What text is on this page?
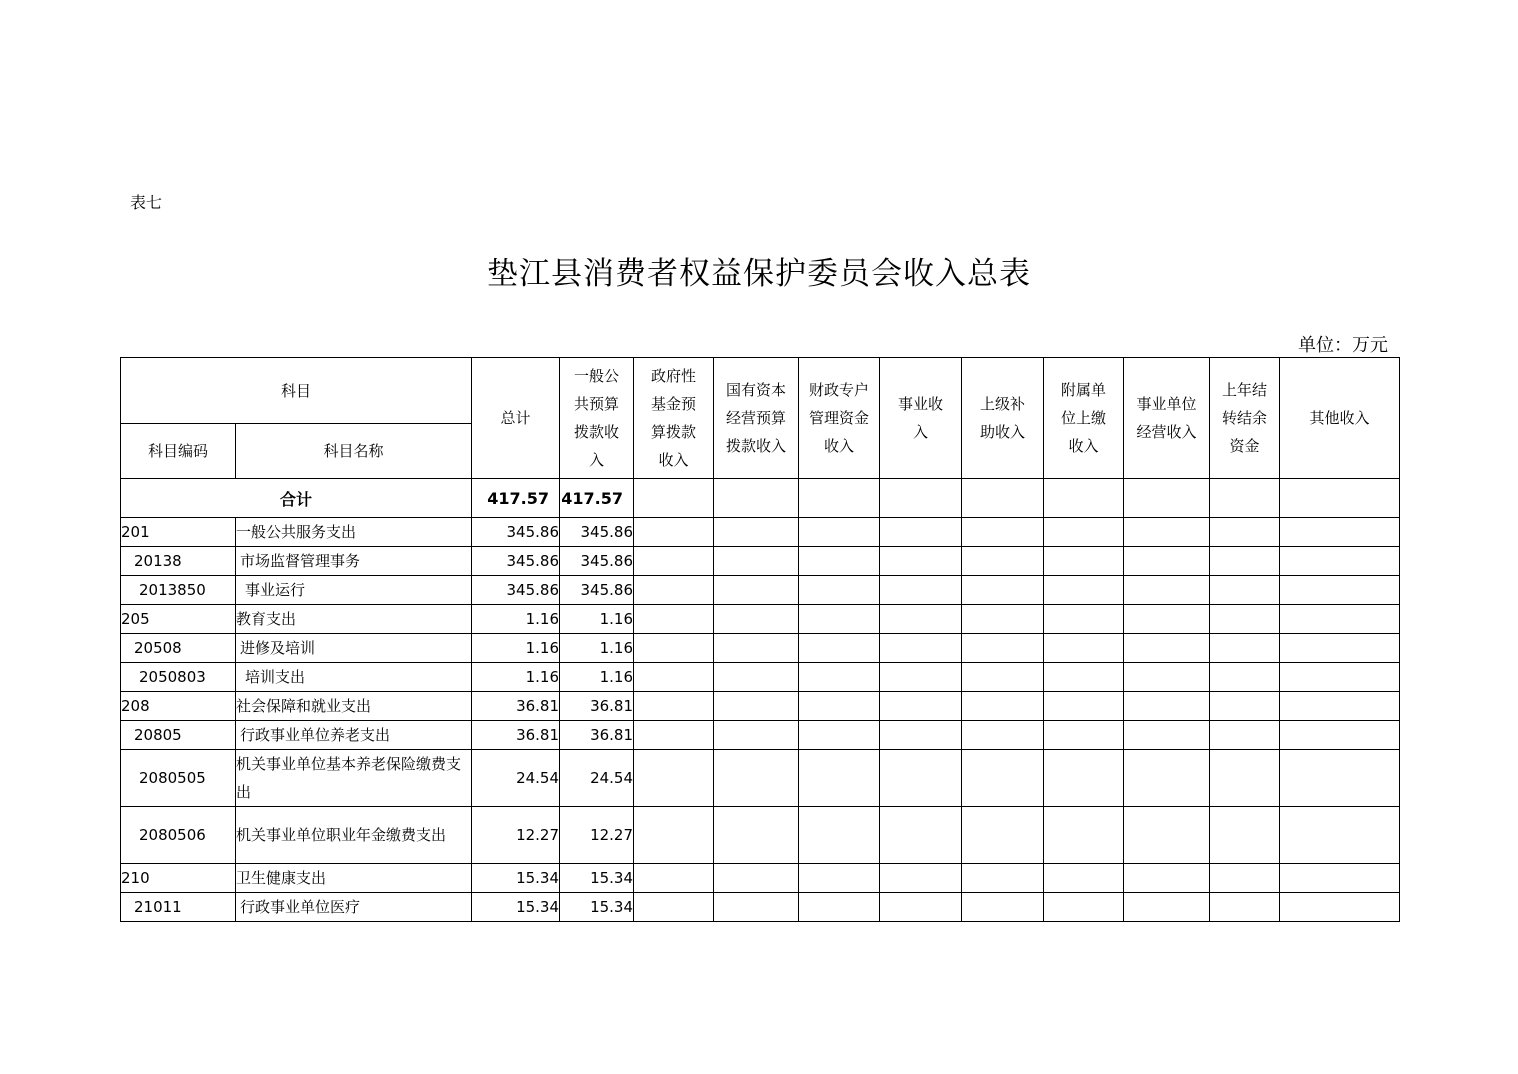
表七
垫江县消费者权益保护委员会收入总表
单位：万元
科目		总计	一般公共预算拨款收入	政府性基金预算拨款收入	国有资本经营预算拨款收入	财政专户管理资金收入	事业收入	上级补助收入	附属单位上缴收入	事业单位经营收入	上年结转结余资金	其他收入
科目编码	科目名称											
合计		417.57	417.57									
201	一般公共服务支出	345.86	345.86									
20138	市场监督管理事务	345.86	345.86									
2013850	事业运行	345.86	345.86									
205	教育支出	1.16	1.16									
20508	进修及培训	1.16	1.16									
2050803	培训支出	1.16	1.16									
208	社会保障和就业支出	36.81	36.81									
20805	行政事业单位养老支出	36.81	36.81									
2080505	机关事业单位基本养老保险缴费支出	24.54	24.54									
2080506	机关事业单位职业年金缴费支出	12.27	12.27									
210	卫生健康支出	15.34	15.34									
21011	行政事业单位医疗	15.34	15.34									
